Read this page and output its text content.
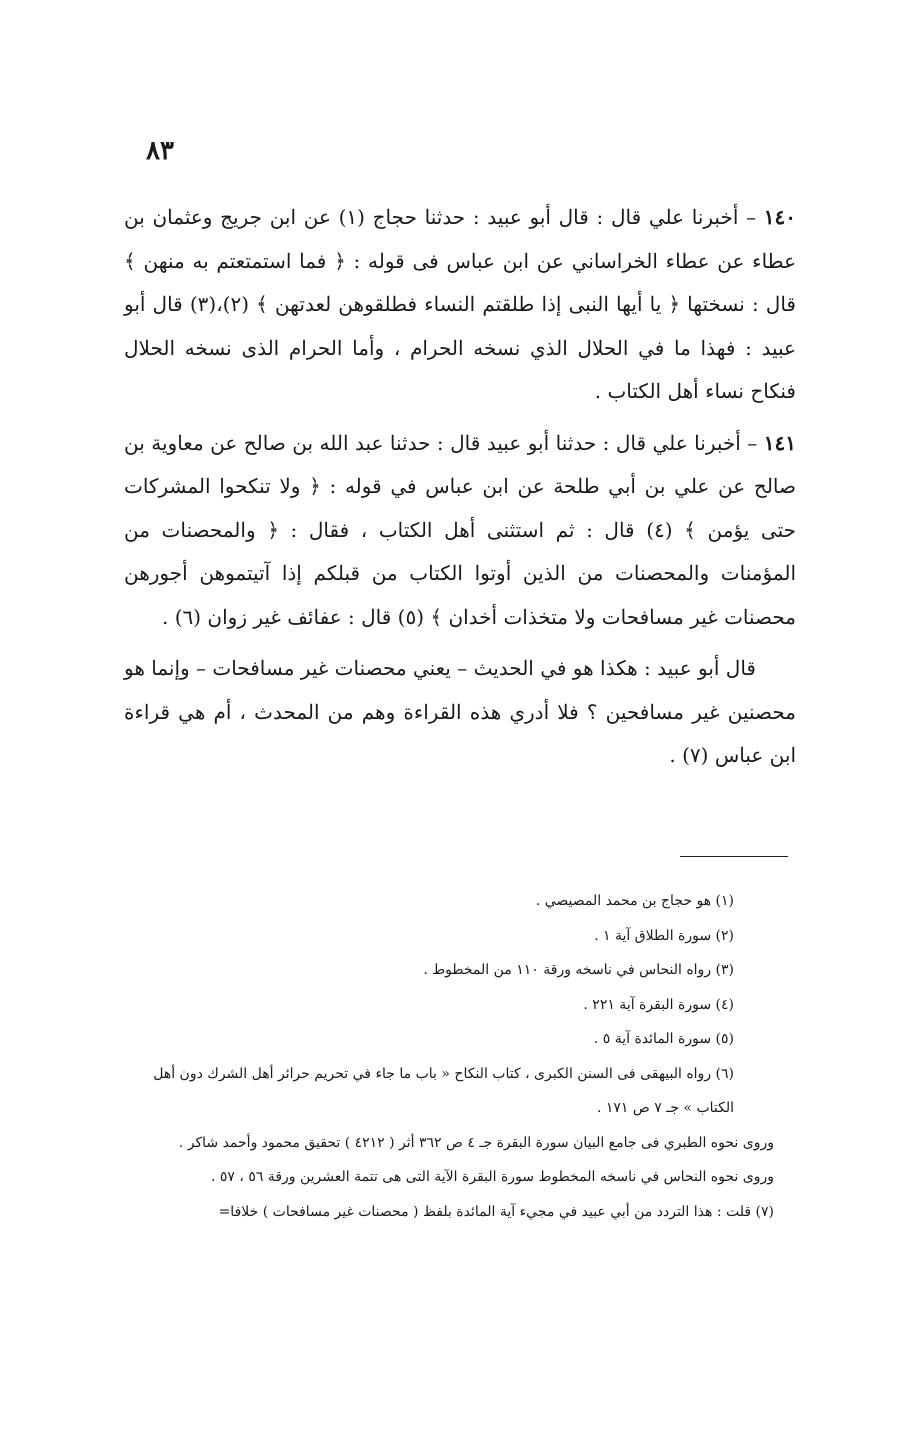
٨٣

١٤٠ – أخبرنا علي قال : قال أبو عبيد : حدثنا حجاج (١) عن ابن جريج وعثمان بن عطاء عن عطاء الخراساني عن ابن عباس فى قوله : ﴿ فما استمتعتم به منهن ﴾ قال : نسختها ﴿ يا أيها النبى إذا طلقتم النساء فطلقوهن لعدتهن ﴾ (٢)،(٣) قال أبو عبيد : فهذا ما في الحلال الذي نسخه الحرام ، وأما الحرام الذى نسخه الحلال فنكاح نساء أهل الكتاب .

١٤١ – أخبرنا علي قال : حدثنا أبو عبيد قال : حدثنا عبد الله بن صالح عن معاوية بن صالح عن علي بن أبي طلحة عن ابن عباس في قوله : ﴿ ولا تنكحوا المشركات حتى يؤمن ﴾ (٤) قال : ثم استثنى أهل الكتاب ، فقال : ﴿ والمحصنات من المؤمنات والمحصنات من الذين أوتوا الكتاب من قبلكم إذا آتيتموهن أجورهن محصنات غير مسافحات ولا متخذات أخدان ﴾ (٥) قال : عفائف غير زوان (٦) .

قال أبو عبيد : هكذا هو في الحديث – يعني محصنات غير مسافحات – وإنما هو محصنين غير مسافحين ؟ فلا أدري هذه القراءة وهم من المحدث ، أم هي قراءة ابن عباس (٧) .

(١) هو حجاج بن محمد المصيصي .
(٢) سورة الطلاق آية ١ .
(٣) رواه النحاس في ناسخه ورقة ١١٠ من المخطوط .
(٤) سورة البقرة آية ٢٢١ .
(٥) سورة المائدة آية ٥ .
(٦) رواه البيهقى فى السنن الكبرى ، كتاب النكاح « باب ما جاء في تحريم حرائر أهل الشرك دون أهل الكتاب » جـ ٧ ص ١٧١ .
وروى نحوه الطبري فى جامع البيان سورة البقرة جـ ٤ ص ٣٦٢ أثر ( ٤٢١٢ ) تحقيق محمود وأحمد شاكر .
وروى نحوه النحاس في ناسخه المخطوط سورة البقرة الآية التى هى تتمة العشرين ورقة ٥٦ ، ٥٧ .
(٧) قلت : هذا التردد من أبي عبيد في مجيء آية المائدة بلفظ ( محصنات غير مسافحات ) خلافا=
